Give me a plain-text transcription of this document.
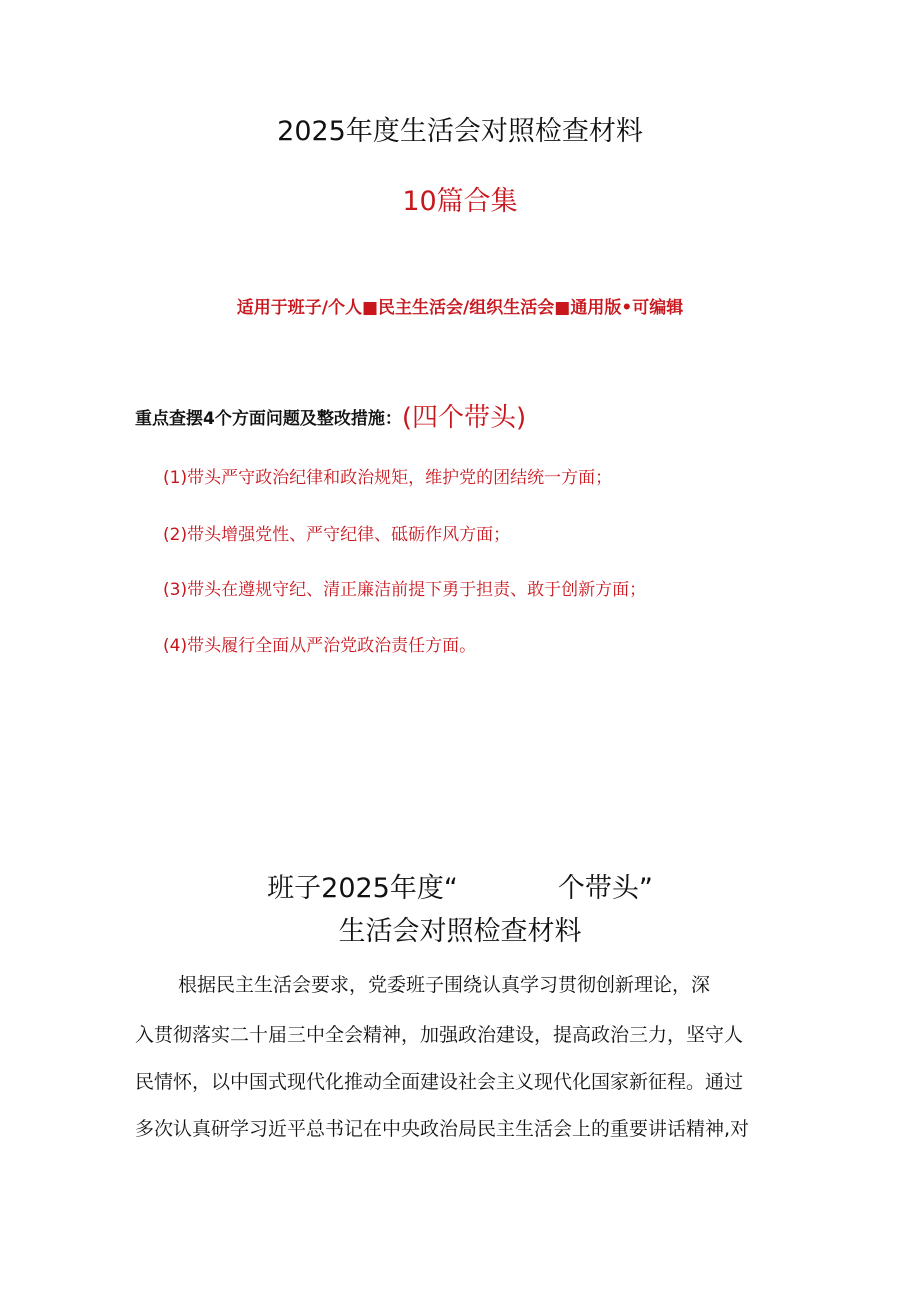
2025年度生活会对照检查材料
10篇合集
适用于班子/个人■民主生活会/组织生活会■通用版•可编辑
重点查摆4个方面问题及整改措施：(四个带头)
(1)带头严守政治纪律和政治规矩，维护党的团结统一方面；
(2)带头增强党性、严守纪律、砥砺作风方面；
(3)带头在遵规守纪、清正廉洁前提下勇于担责、敢于创新方面；
(4)带头履行全面从严治党政治责任方面。
班子2025年度“	个带头”
生活会对照检查材料
根据民主生活会要求，党委班子围绕认真学习贯彻创新理论，深
入贯彻落实二十届三中全会精神，加强政治建设，提高政治三力，坚守人
民情怀，以中国式现代化推动全面建设社会主义现代化国家新征程。通过
多次认真研学习近平总书记在中央政治局民主生活会上的重要讲话精神,对
